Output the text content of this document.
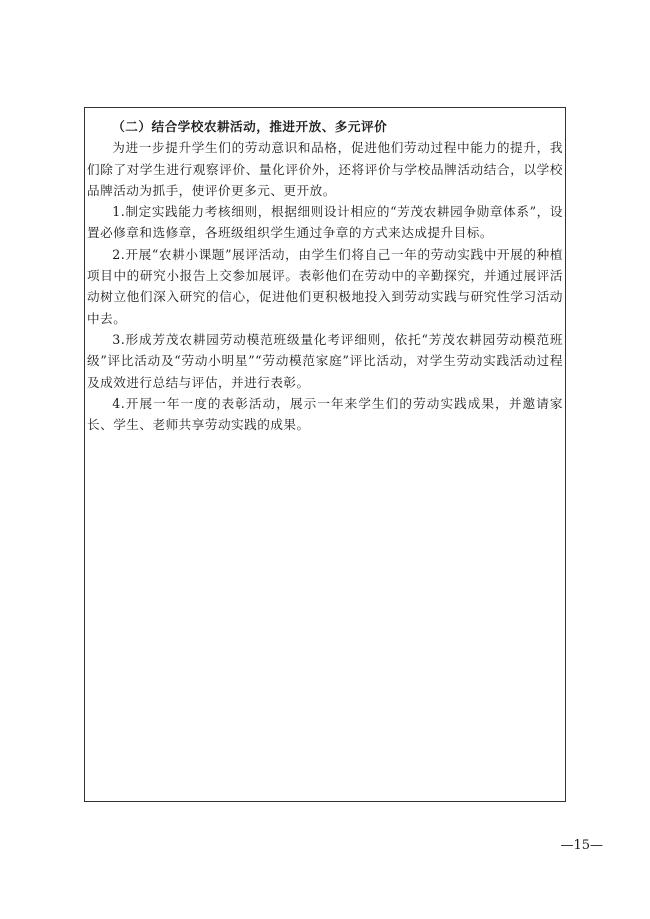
（二）结合学校农耕活动，推进开放、多元评价

为进一步提升学生们的劳动意识和品格，促进他们劳动过程中能力的提升，我们除了对学生进行观察评价、量化评价外，还将评价与学校品牌活动结合，以学校品牌活动为抓手，使评价更多元、更开放。

1.制定实践能力考核细则，根据细则设计相应的“芳茂农耕园争勋章体系”，设置必修章和选修章，各班级组织学生通过争章的方式来达成提升目标。

2.开展“农耕小课题”展评活动，由学生们将自己一年的劳动实践中开展的种植项目中的研究小报告上交参加展评。表彰他们在劳动中的辛勤探究，并通过展评活动树立他们深入研究的信心，促进他们更积极地投入到劳动实践与研究性学习活动中去。

3.形成芳茂农耕园劳动模范班级量化考评细则，依托“芳茂农耕园劳动模范班级”评比活动及“劳动小明星”“劳动模范家庭”评比活动，对学生劳动实践活动过程及成效进行总结与评估，并进行表彰。

4.开展一年一度的表彰活动，展示一年来学生们的劳动实践成果，并邀请家长、学生、老师共享劳动实践的成果。

—15—
